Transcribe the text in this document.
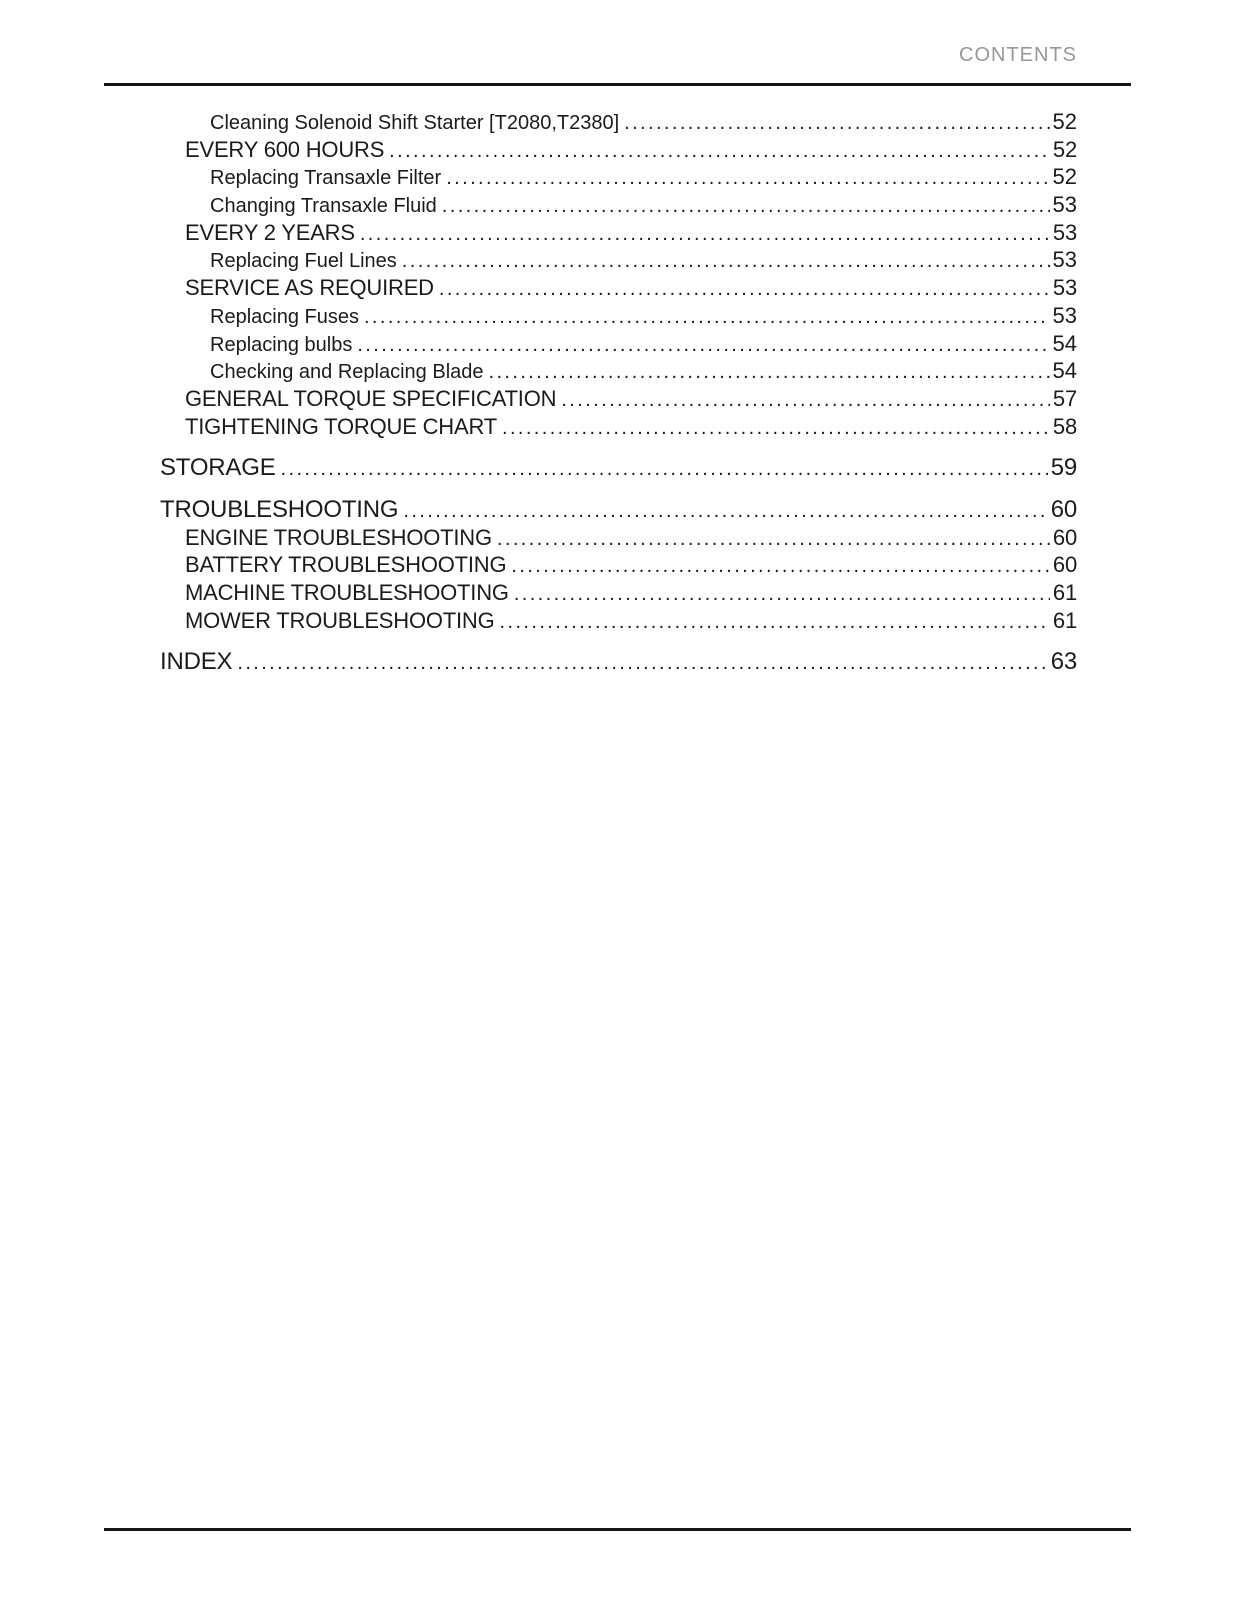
CONTENTS
Cleaning Solenoid Shift Starter [T2080,T2380] .....	52
EVERY 600 HOURS .....	52
Replacing Transaxle Filter .....	52
Changing Transaxle Fluid .....	53
EVERY 2 YEARS .....	53
Replacing Fuel Lines .....	53
SERVICE AS REQUIRED .....	53
Replacing Fuses .....	53
Replacing bulbs .....	54
Checking and Replacing Blade .....	54
GENERAL TORQUE SPECIFICATION .....	57
TIGHTENING TORQUE CHART .....	58
STORAGE .....	59
TROUBLESHOOTING .....	60
ENGINE TROUBLESHOOTING .....	60
BATTERY TROUBLESHOOTING .....	60
MACHINE TROUBLESHOOTING .....	61
MOWER TROUBLESHOOTING .....	61
INDEX .....	63
